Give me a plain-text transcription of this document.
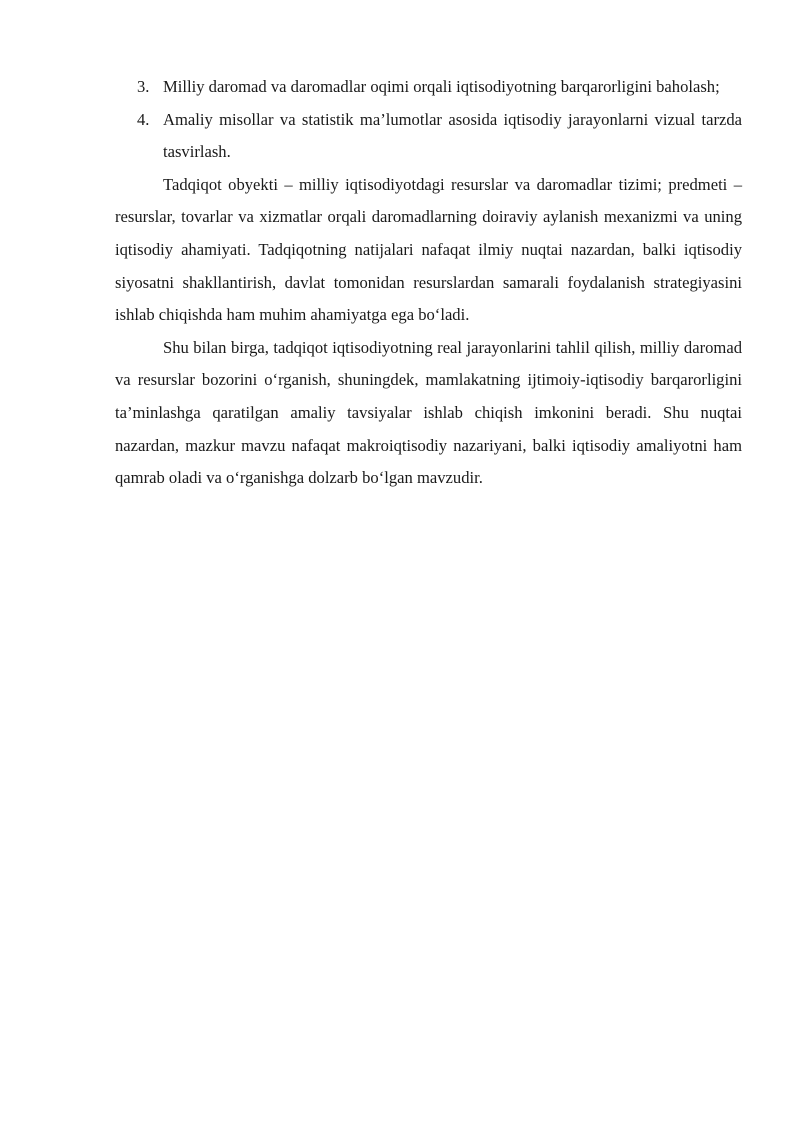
3. Milliy daromad va daromadlar oqimi orqali iqtisodiyotning barqarorligini baholash;
4. Amaliy misollar va statistik ma’lumotlar asosida iqtisodiy jarayonlarni vizual tarzda tasvirlash.

Tadqiqot obyekti – milliy iqtisodiyotdagi resurslar va daromadlar tizimi; predmeti – resurslar, tovarlar va xizmatlar orqali daromadlarning doiraviy aylanish mexanizmi va uning iqtisodiy ahamiyati. Tadqiqotning natijalari nafaqat ilmiy nuqtai nazardan, balki iqtisodiy siyosatni shakllantirish, davlat tomonidan resurslardan samarali foydalanish strategiyasini ishlab chiqishda ham muhim ahamiyatga ega bo‘ladi.

Shu bilan birga, tadqiqot iqtisodiyotning real jarayonlarini tahlil qilish, milliy daromad va resurslar bozorini o‘rganish, shuningdek, mamlakatning ijtimoiy-iqtisodiy barqarorligini ta’minlashga qaratilgan amaliy tavsiyalar ishlab chiqish imkonini beradi. Shu nuqtai nazardan, mazkur mavzu nafaqat makroiqtisodiy nazariyani, balki iqtisodiy amaliyotni ham qamrab oladi va o‘rganishga dolzarb bo‘lgan mavzudir.
